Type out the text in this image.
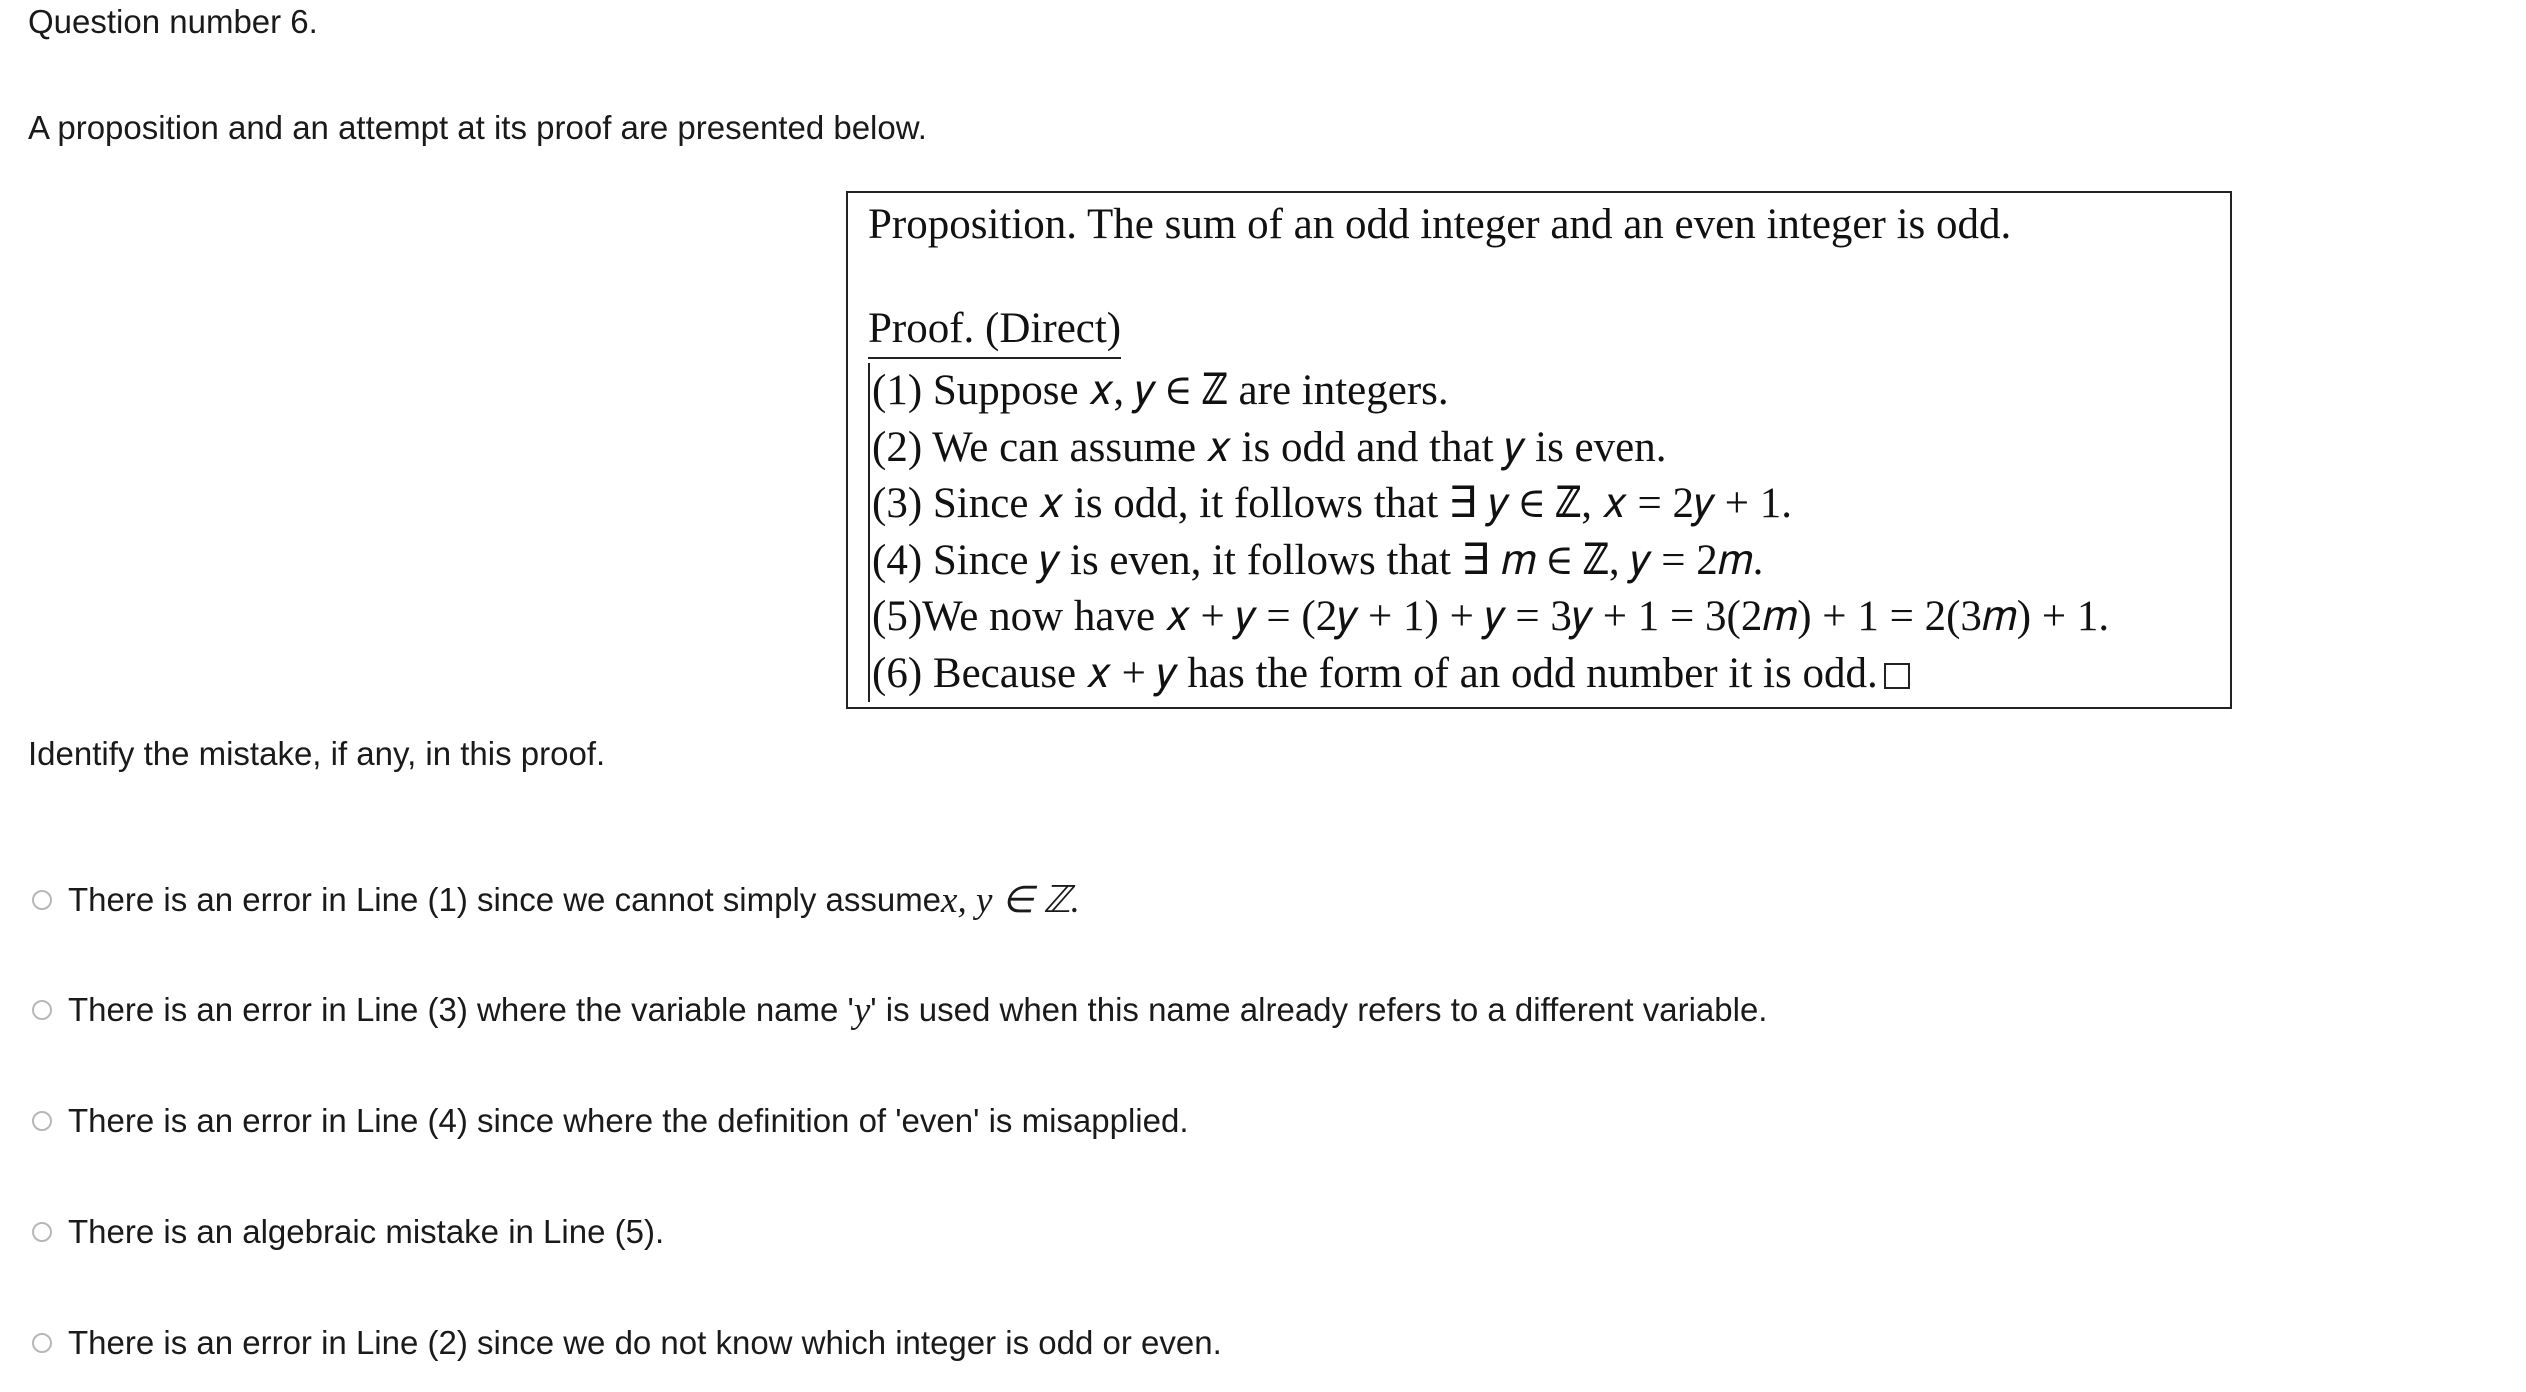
Question number 6.
A proposition and an attempt at its proof are presented below.
Proposition. The sum of an odd integer and an even integer is odd.
Proof. (Direct)
(1) Suppose 𝑥, 𝑦 ∈ ℤ are integers.
(2) We can assume 𝑥 is odd and that 𝑦 is even.
(3) Since 𝑥 is odd, it follows that ∃ 𝑦 ∈ ℤ, 𝑥 = 2𝑦 + 1.
(4) Since 𝑦 is even, it follows that ∃ 𝑚 ∈ ℤ, 𝑦 = 2𝑚.
(5)We now have 𝑥 + 𝑦 = (2𝑦 + 1) + 𝑦 = 3𝑦 + 1 = 3(2𝑚) + 1 = 2(3𝑚) + 1.
(6) Because 𝑥 + 𝑦 has the form of an odd number it is odd.
Identify the mistake, if any, in this proof.
There is an error in Line (1) since we cannot simply assume x, y ∈ ℤ.
There is an error in Line (3) where the variable name ' y ' is used when this name already refers to a different variable.
There is an error in Line (4) since where the definition of 'even' is misapplied.
There is an algebraic mistake in Line (5).
There is an error in Line (2) since we do not know which integer is odd or even.
